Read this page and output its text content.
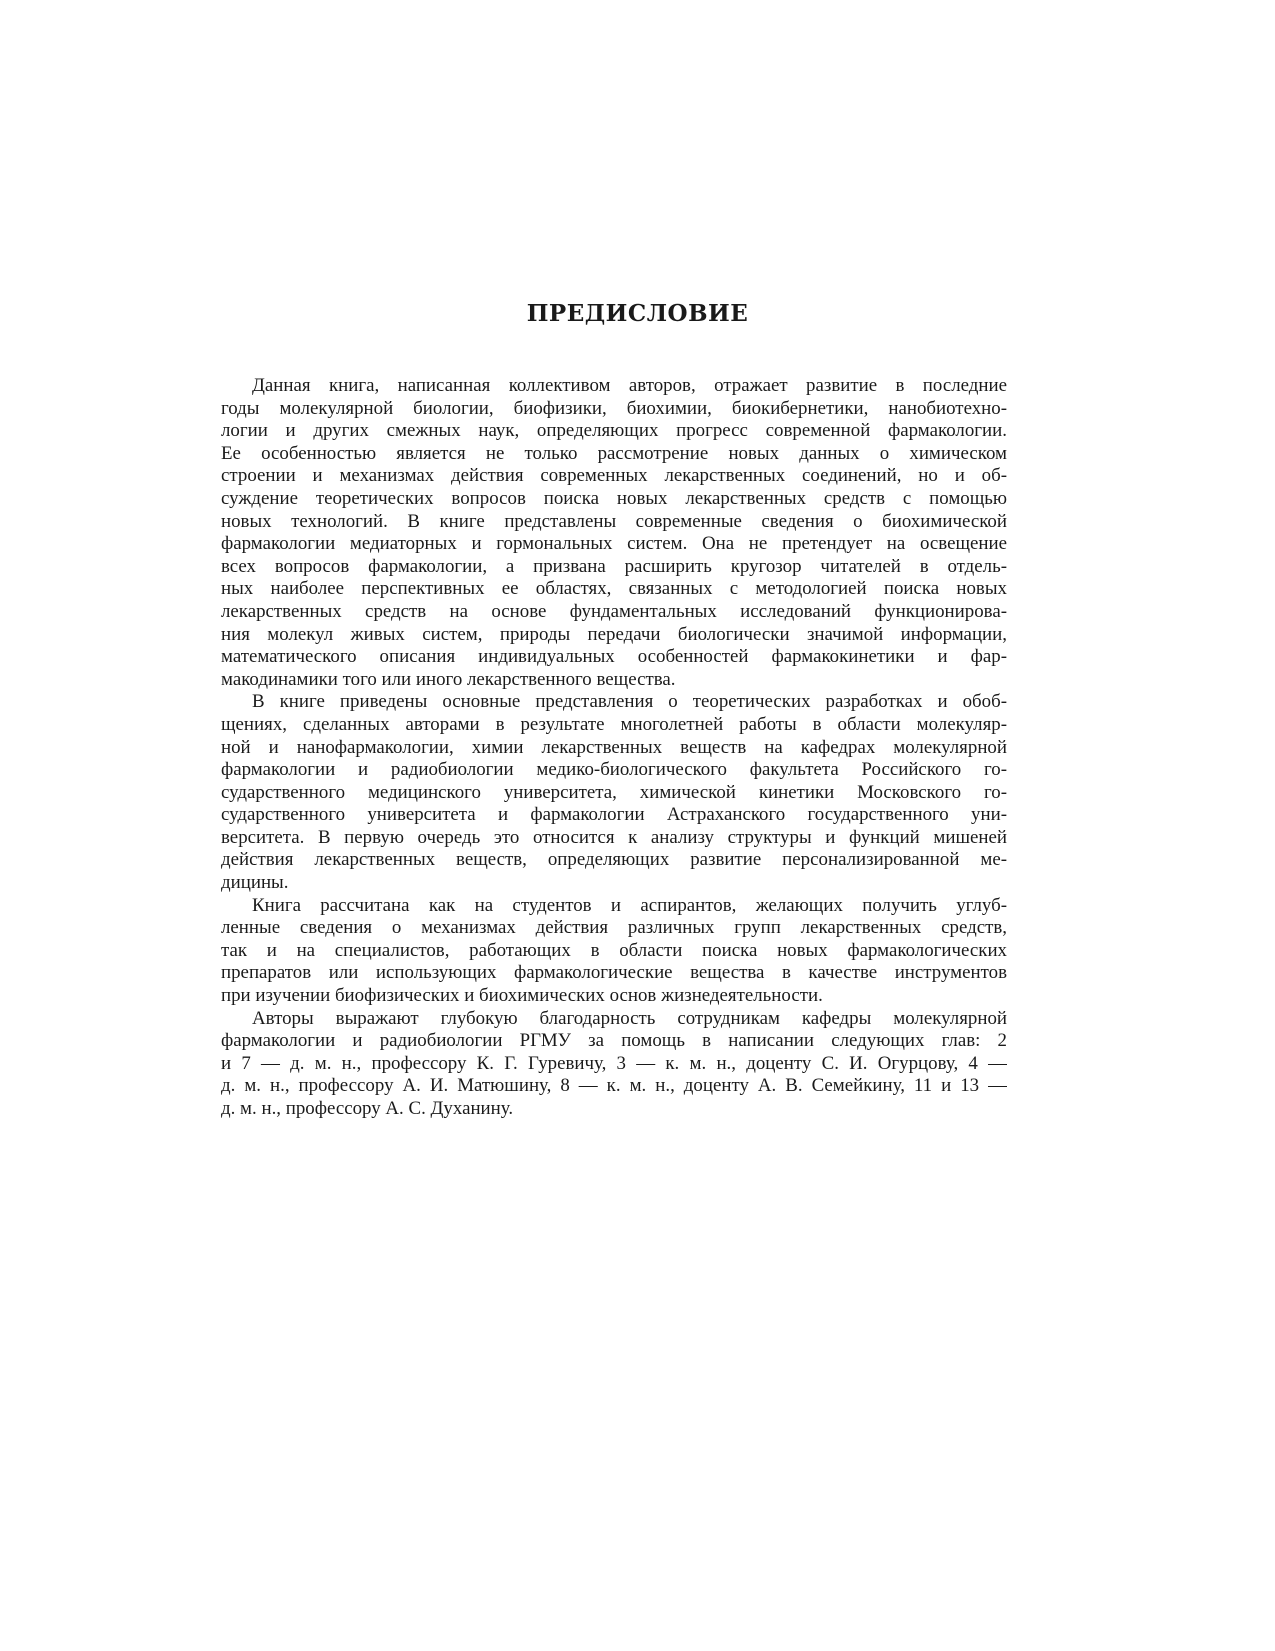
ПРЕДИСЛОВИЕ
Данная книга, написанная коллективом авторов, отражает развитие в последние
годы молекулярной биологии, биофизики, биохимии, биокибернетики, нанобиотехно-
логии и других смежных наук, определяющих прогресс современной фармакологии.
Ее особенностью является не только рассмотрение новых данных о химическом
строении и механизмах действия современных лекарственных соединений, но и об-
суждение теоретических вопросов поиска новых лекарственных средств с помощью
новых технологий. В книге представлены современные сведения о биохимической
фармакологии медиаторных и гормональных систем. Она не претендует на освещение
всех вопросов фармакологии, а призвана расширить кругозор читателей в отдель-
ных наиболее перспективных ее областях, связанных с методологией поиска новых
лекарственных средств на основе фундаментальных исследований функционирова-
ния молекул живых систем, природы передачи биологически значимой информации,
математического описания индивидуальных особенностей фармакокинетики и фар-
макодинамики того или иного лекарственного вещества.
В книге приведены основные представления о теоретических разработках и обоб-
щениях, сделанных авторами в результате многолетней работы в области молекуляр-
ной и нанофармакологии, химии лекарственных веществ на кафедрах молекулярной
фармакологии и радиобиологии медико-биологического факультета Российского го-
сударственного медицинского университета, химической кинетики Московского го-
сударственного университета и фармакологии Астраханского государственного уни-
верситета. В первую очередь это относится к анализу структуры и функций мишеней
действия лекарственных веществ, определяющих развитие персонализированной ме-
дицины.
Книга рассчитана как на студентов и аспирантов, желающих получить углуб-
ленные сведения о механизмах действия различных групп лекарственных средств,
так и на специалистов, работающих в области поиска новых фармакологических
препаратов или использующих фармакологические вещества в качестве инструментов
при изучении биофизических и биохимических основ жизнедеятельности.
Авторы выражают глубокую благодарность сотрудникам кафедры молекулярной
фармакологии и радиобиологии РГМУ за помощь в написании следующих глав: 2
и 7 — д. м. н., профессору К. Г. Гуревичу, 3 — к. м. н., доценту С. И. Огурцову, 4 —
д. м. н., профессору А. И. Матюшину, 8 — к. м. н., доценту А. В. Семейкину, 11 и 13 —
д. м. н., профессору А. С. Духанину.
